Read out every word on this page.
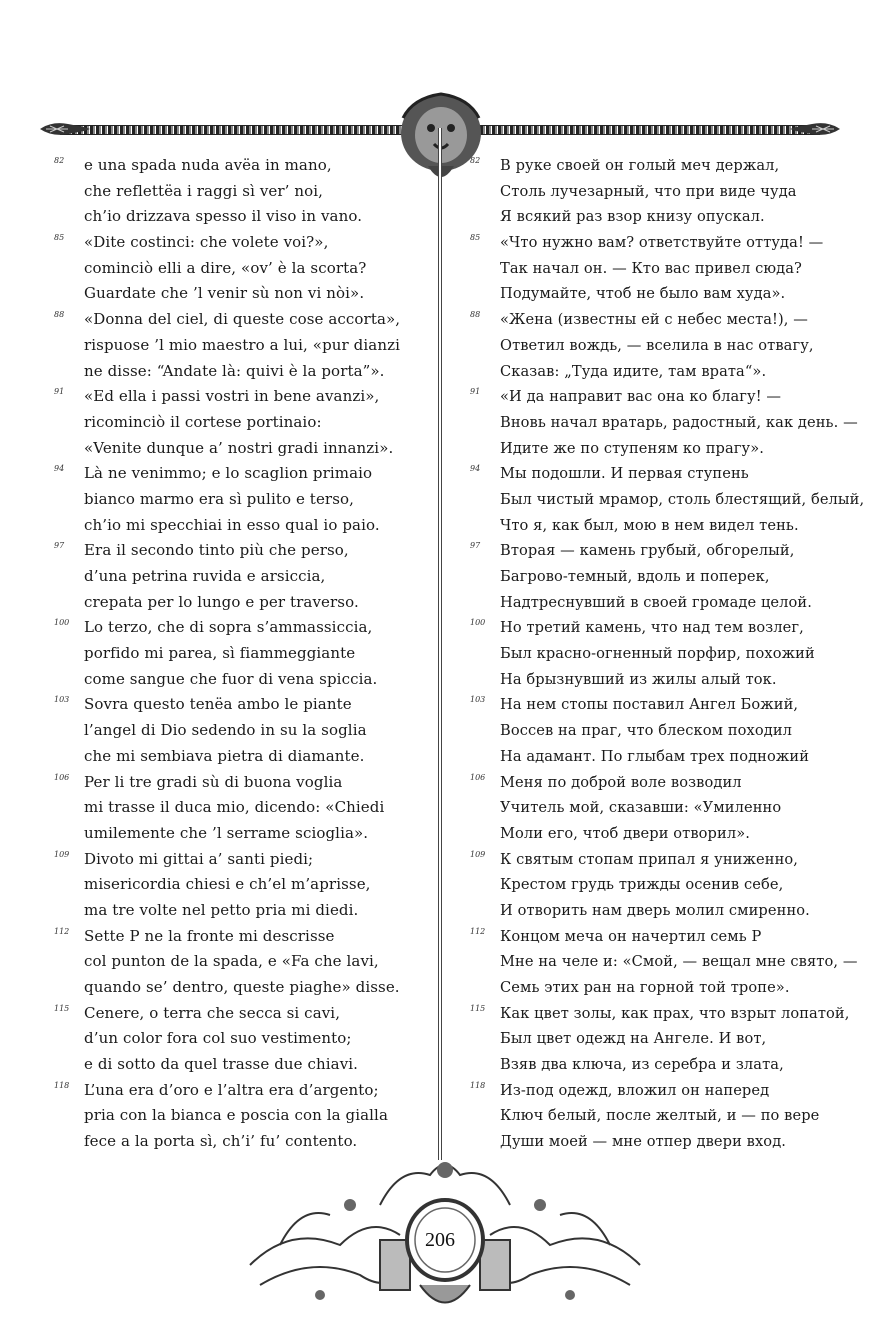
82	e una spada nuda avëa in mano,
che reflettëa i raggi sì ver’ noi,
ch’io drizzava spesso il viso in vano.
85	«Dite costinci: che volete voi?»,
cominciò elli a dire, «ov’ è la scorta?
Guardate che ’l venir sù non vi nòi».
88	«Donna del ciel, di queste cose accorta»,
rispuose ’l mio maestro a lui, «pur dianzi
ne disse: “Andate là: quivi è la porta”».
91	«Ed ella i passi vostri in bene avanzi»,
ricominciò il cortese portinaio:
«Venite dunque a’ nostri gradi innanzi».
94	Là ne venimmo; e lo scaglion primaio
bianco marmo era sì pulito e terso,
ch’io mi specchiai in esso qual io paio.
97	Era il secondo tinto più che perso,
d’una petrina ruvida e arsiccia,
crepata per lo lungo e per traverso.
100 Lo terzo, che di sopra s’ammassiccia,
porfido mi parea, sì fiammeggiante
come sangue che fuor di vena spiccia.
103 Sovra questo tenëa ambo le piante
l’angel di Dio sedendo in su la soglia
che mi sembiava pietra di diamante.
106 Per li tre gradi sù di buona voglia
mi trasse il duca mio, dicendo: «Chiedi
umilemente che ’l serrame scioglia».
109 Divoto mi gittai a’ santi piedi;
misericordia chiesi e ch’el m’aprisse,
ma tre volte nel petto pria mi diedi.
112 Sette P ne la fronte mi descrisse
col punton de la spada, e «Fa che lavi,
quando se’ dentro, queste piaghe» disse.
115 Cenere, o terra che secca si cavi,
d’un color fora col suo vestimento;
e di sotto da quel trasse due chiavi.
118 L’una era d’oro e l’altra era d’argento;
pria con la bianca e poscia con la gialla
fece a la porta sì, ch’i’ fu’ contento.
82	В руке своей он голый меч держал,
Столь лучезарный, что при виде чуда
Я всякий раз взор книзу опускал.
85	«Что нужно вам? ответствуйте оттуда! —
Так начал он. — Кто вас привел сюда?
Подумайте, чтоб не было вам худа».
88	«Жена (известны ей с небес места!), —
Ответил вождь, — вселила в нас отвагу,
Сказав: „Туда идите, там врата“».
91	«И да направит вас она ко благу! —
Вновь начал вратарь, радостный, как день. —
Идите же по ступеням ко прагу».
94	Мы подошли. И первая ступень
Был чистый мрамор, столь блестящий, белый,
Что я, как был, мою в нем видел тень.
97	Вторая — камень грубый, обгорелый,
Багрово-темный, вдоль и поперек,
Надтреснувший в своей громаде целой.
100	Но третий камень, что над тем возлег,
Был красно-огненный порфир, похожий
На брызнувший из жилы алый ток.
103	На нем стопы поставил Ангел Божий,
Воссев на праг, что блеском походил
На адамант. По глыбам трех подножий
106	Меня по доброй воле возводил
Учитель мой, сказавши: «Умиленно
Моли его, чтоб двери отворил».
109	К святым стопам припал я униженно,
Крестом грудь трижды осенив себе,
И отворить нам дверь молил смиренно.
112	Концом меча он начертил семь Р
Мне на челе и: «Смой, — вещал мне свято, —
Семь этих ран на горной той тропе».
115	Как цвет золы, как прах, что взрыт лопатой,
Был цвет одежд на Ангеле. И вот,
Взяв два ключа, из серебра и злата,
118	Из-под одежд, вложил он наперед
Ключ белый, после желтый, и — по вере
Души моей — мне отпер двери вход.
206
